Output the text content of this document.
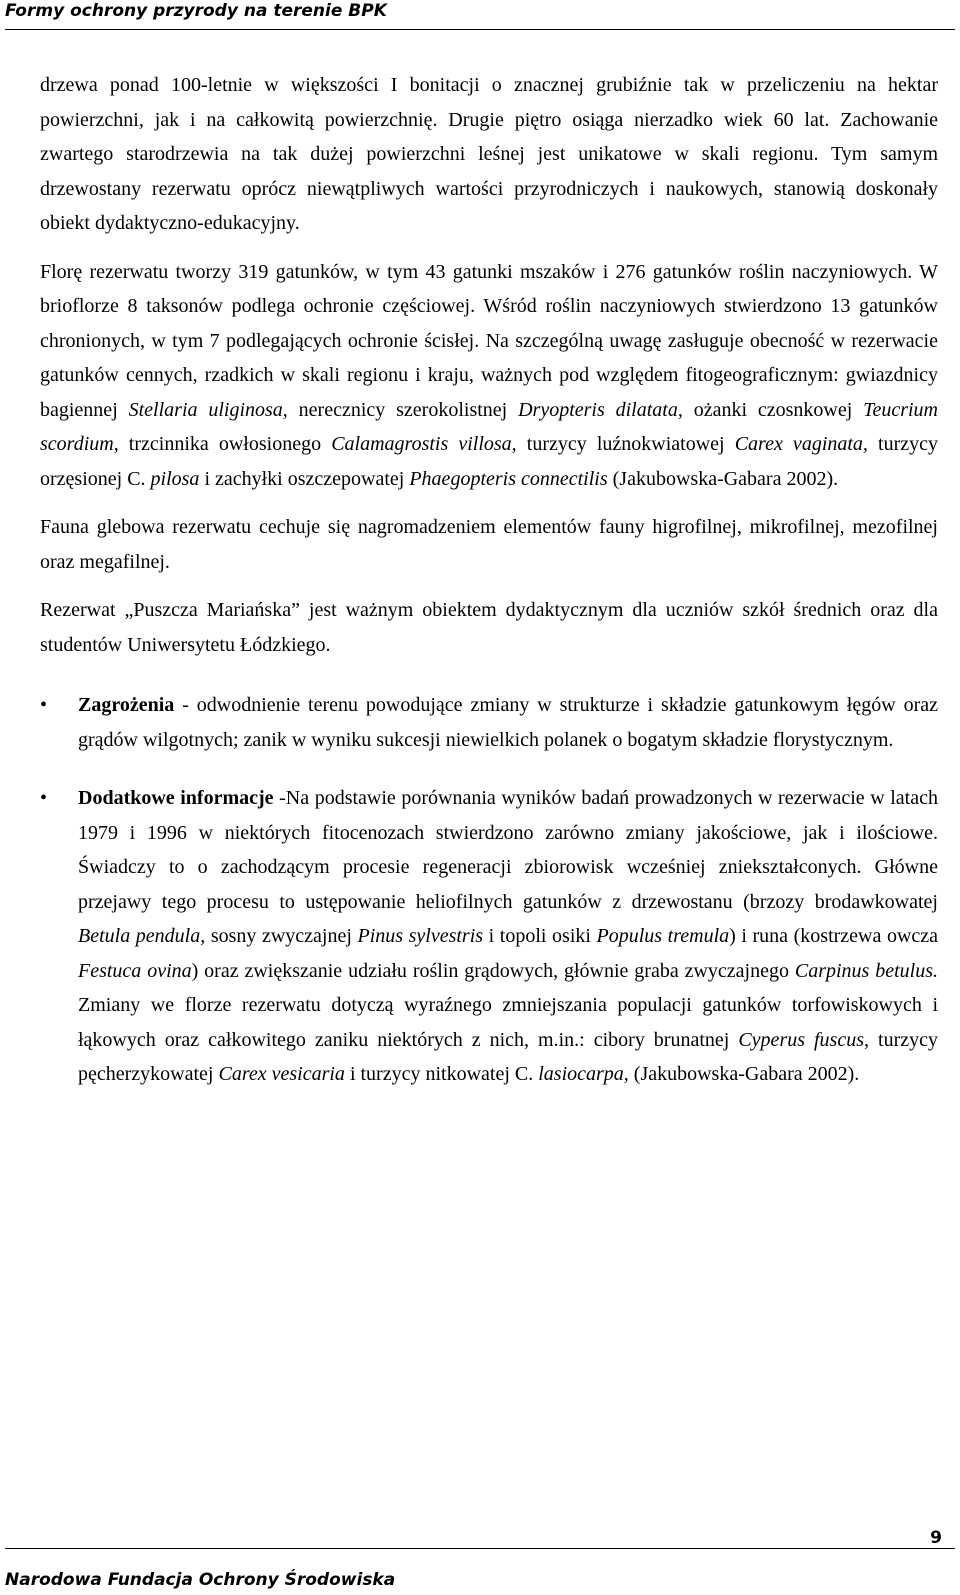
Formy ochrony przyrody na terenie BPK

drzewa ponad 100-letnie w większości I bonitacji o znacznej grubiźnie tak w przeliczeniu na hektar powierzchni, jak i na całkowitą powierzchnię. Drugie piętro osiąga nierzadko wiek 60 lat. Zachowanie zwartego starodrzewia na tak dużej powierzchni leśnej jest unikatowe w skali regionu. Tym samym drzewostany rezerwatu oprócz niewątpliwych wartości przyrodniczych i naukowych, stanowią doskonały obiekt dydaktyczno-edukacyjny.

Florę rezerwatu tworzy 319 gatunków, w tym 43 gatunki mszaków i 276 gatunków roślin naczyniowych. W brioflorze 8 taksonów podlega ochronie częściowej. Wśród roślin naczyniowych stwierdzono 13 gatunków chronionych, w tym 7 podlegających ochronie ścisłej. Na szczególną uwagę zasługuje obecność w rezerwacie gatunków cennych, rzadkich w skali regionu i kraju, ważnych pod względem fitogeograficznym: gwiazdnicy bagiennej Stellaria uliginosa, nerecznicy szerokolistnej Dryopteris dilatata, ożanki czosnkowej Teucrium scordium, trzcinnika owłosionego Calamagrostis villosa, turzycy luźnokwiatowej Carex vaginata, turzycy orzęsionej C. pilosa i zachyłki oszczepowatej Phaegopteris connectilis (Jakubowska-Gabara 2002).

Fauna glebowa rezerwatu cechuje się nagromadzeniem elementów fauny higrofilnej, mikrofilnej, mezofilnej oraz megafilnej.

Rezerwat „Puszcza Mariańska” jest ważnym obiektem dydaktycznym dla uczniów szkół średnich oraz dla studentów Uniwersytetu Łódzkiego.

• Zagrożenia - odwodnienie terenu powodujące zmiany w strukturze i składzie gatunkowym łęgów oraz grądów wilgotnych; zanik w wyniku sukcesji niewielkich polanek o bogatym składzie florystycznym.
• Dodatkowe informacje -Na podstawie porównania wyników badań prowadzonych w rezerwacie w latach 1979 i 1996 w niektórych fitocenozach stwierdzono zarówno zmiany jakościowe, jak i ilościowe. Świadczy to o zachodzącym procesie regeneracji zbiorowisk wcześniej zniekształconych. Główne przejawy tego procesu to ustępowanie heliofilnych gatunków z drzewostanu (brzozy brodawkowatej Betula pendula, sosny zwyczajnej Pinus sylvestris i topoli osiki Populus tremula) i runa (kostrzewa owcza Festuca ovina) oraz zwiększanie udziału roślin grądowych, głównie graba zwyczajnego Carpinus betulus. Zmiany we florze rezerwatu dotyczą wyraźnego zmniejszania populacji gatunków torfowiskowych i łąkowych oraz całkowitego zaniku niektórych z nich, m.in.: cibory brunatnej Cyperus fuscus, turzycy pęcherzykowatej Carex vesicaria i turzycy nitkowatej C. lasiocarpa, (Jakubowska-Gabara 2002).
9
Narodowa Fundacja Ochrony Środowiska
